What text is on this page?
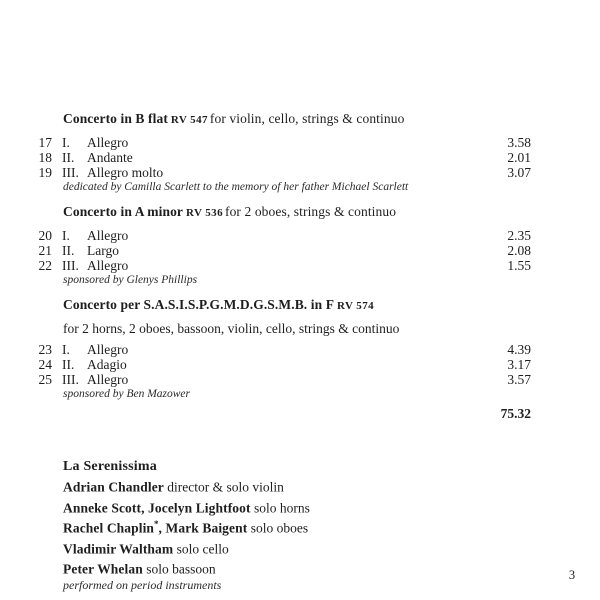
Concerto in B flat RV 547 for violin, cello, strings & continuo
17 I.	Allegro	3.58
18 II. Andante	2.01
19 III. Allegro molto	3.07
dedicated by Camilla Scarlett to the memory of her father Michael Scarlett
Concerto in A minor RV 536 for 2 oboes, strings & continuo
20 I.	Allegro	2.35
21 II. Largo	2.08
22 III. Allegro	1.55
sponsored by Glenys Phillips
Concerto per S.A.S.I.S.P.G.M.D.G.S.M.B. in F RV 574
for 2 horns, 2 oboes, bassoon, violin, cello, strings & continuo
23 I.	Allegro	4.39
24 II. Adagio	3.17
25 III. Allegro	3.57
sponsored by Ben Mazower
75.32
La Serenissima
Adrian Chandler director & solo violin
Anneke Scott, Jocelyn Lightfoot solo horns
Rachel Chaplin*, Mark Baigent solo oboes
Vladimir Waltham solo cello
Peter Whelan solo bassoon
performed on period instruments
3
